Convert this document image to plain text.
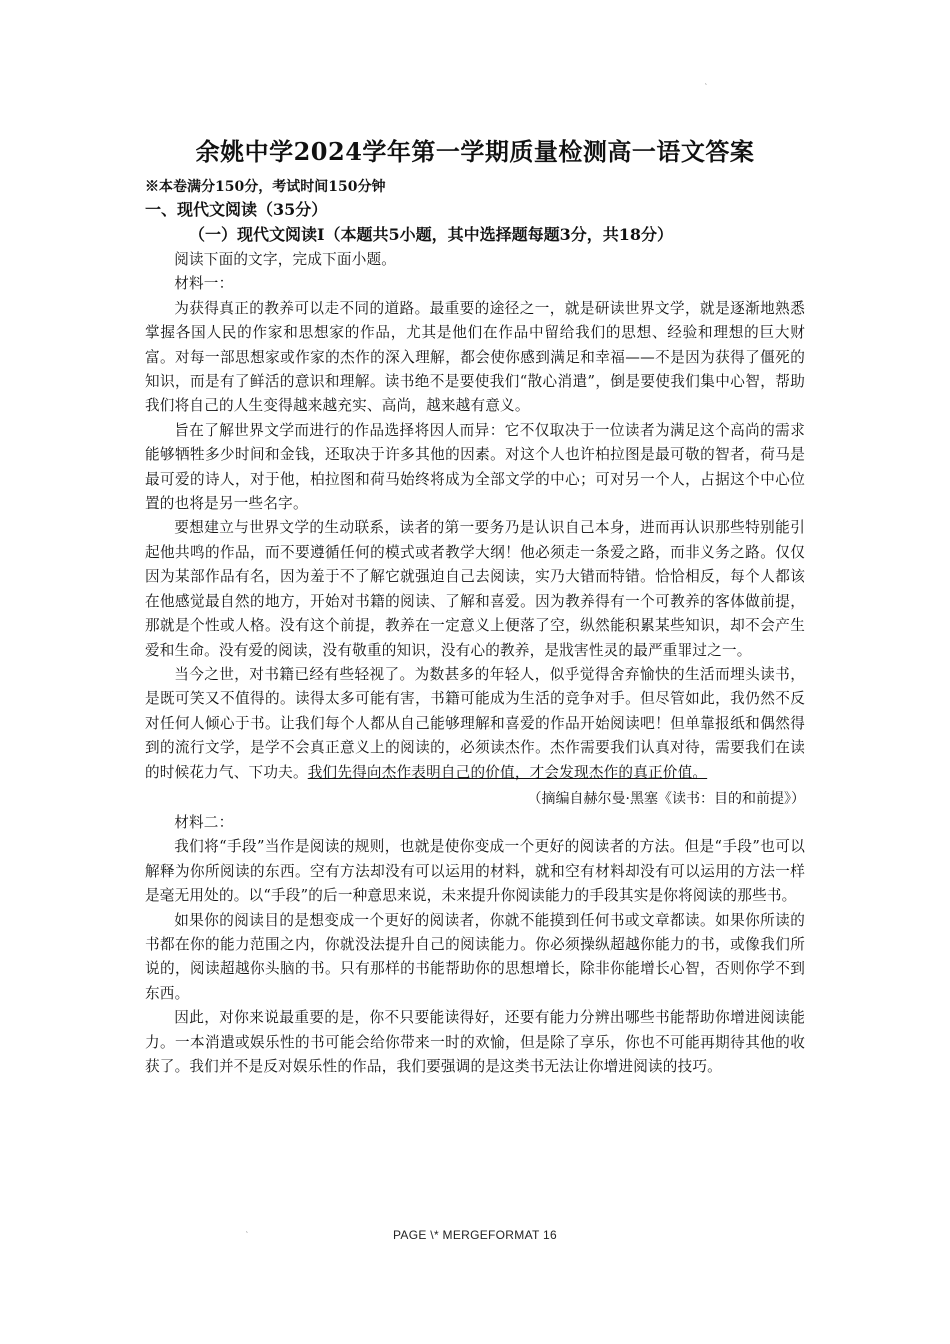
˛
余姚中学2024学年第一学期质量检测高一语文答案

※本卷满分150分，考试时间150分钟

一、现代文阅读（35分）

（一）现代文阅读Ⅰ（本题共5小题，其中选择题每题3分，共18分）

阅读下面的文字，完成下面小题。

材料一：

为获得真正的教养可以走不同的道路。最重要的途径之一，就是研读世界文学，就是逐渐地熟悉掌握各国人民的作家和思想家的作品，尤其是他们在作品中留给我们的思想、经验和理想的巨大财富。对每一部思想家或作家的杰作的深入理解，都会使你感到满足和幸福——不是因为获得了僵死的知识，而是有了鲜活的意识和理解。读书绝不是要使我们“散心消遣”，倒是要使我们集中心智，帮助我们将自己的人生变得越来越充实、高尚，越来越有意义。

旨在了解世界文学而进行的作品选择将因人而异：它不仅取决于一位读者为满足这个高尚的需求能够牺牲多少时间和金钱，还取决于许多其他的因素。对这个人也许柏拉图是最可敬的智者，荷马是最可爱的诗人，对于他，柏拉图和荷马始终将成为全部文学的中心；可对另一个人，占据这个中心位置的也将是另一些名字。

要想建立与世界文学的生动联系，读者的第一要务乃是认识自己本身，进而再认识那些特别能引起他共鸣的作品，而不要遵循任何的模式或者教学大纲！他必须走一条爱之路，而非义务之路。仅仅因为某部作品有名，因为羞于不了解它就强迫自己去阅读，实乃大错而特错。恰恰相反，每个人都该在他感觉最自然的地方，开始对书籍的阅读、了解和喜爱。因为教养得有一个可教养的客体做前提，那就是个性或人格。没有这个前提，教养在一定意义上便落了空，纵然能积累某些知识，却不会产生爱和生命。没有爱的阅读，没有敬重的知识，没有心的教养，是戕害性灵的最严重罪过之一。

当今之世，对书籍已经有些轻视了。为数甚多的年轻人，似乎觉得舍弃愉快的生活而埋头读书，是既可笑又不值得的。读得太多可能有害，书籍可能成为生活的竞争对手。但尽管如此，我仍然不反对任何人倾心于书。让我们每个人都从自己能够理解和喜爱的作品开始阅读吧！但单靠报纸和偶然得到的流行文学，是学不会真正意义上的阅读的，必须读杰作。杰作需要我们认真对待，需要我们在读的时候花力气、下功夫。我们先得向杰作表明自己的价值，才会发现杰作的真正价值。

（摘编自赫尔曼·黑塞《读书：目的和前提》）

材料二：

我们将“手段”当作是阅读的规则，也就是使你变成一个更好的阅读者的方法。但是“手段”也可以解释为你所阅读的东西。空有方法却没有可以运用的材料，就和空有材料却没有可以运用的方法一样是毫无用处的。以“手段”的后一种意思来说，未来提升你阅读能力的手段其实是你将阅读的那些书。

如果你的阅读目的是想变成一个更好的阅读者，你就不能摸到任何书或文章都读。如果你所读的书都在你的能力范围之内，你就没法提升自己的阅读能力。你必须操纵超越你能力的书，或像我们所说的，阅读超越你头脑的书。只有那样的书能帮助你的思想增长，除非你能增长心智，否则你学不到东西。

因此，对你来说最重要的是，你不只要能读得好，还要有能力分辨出哪些书能帮助你增进阅读能力。一本消遣或娱乐性的书可能会给你带来一时的欢愉，但是除了享乐，你也不可能再期待其他的收获了。我们并不是反对娱乐性的作品，我们要强调的是这类书无法让你增进阅读的技巧。

˛	PAGE \* MERGEFORMAT 16
